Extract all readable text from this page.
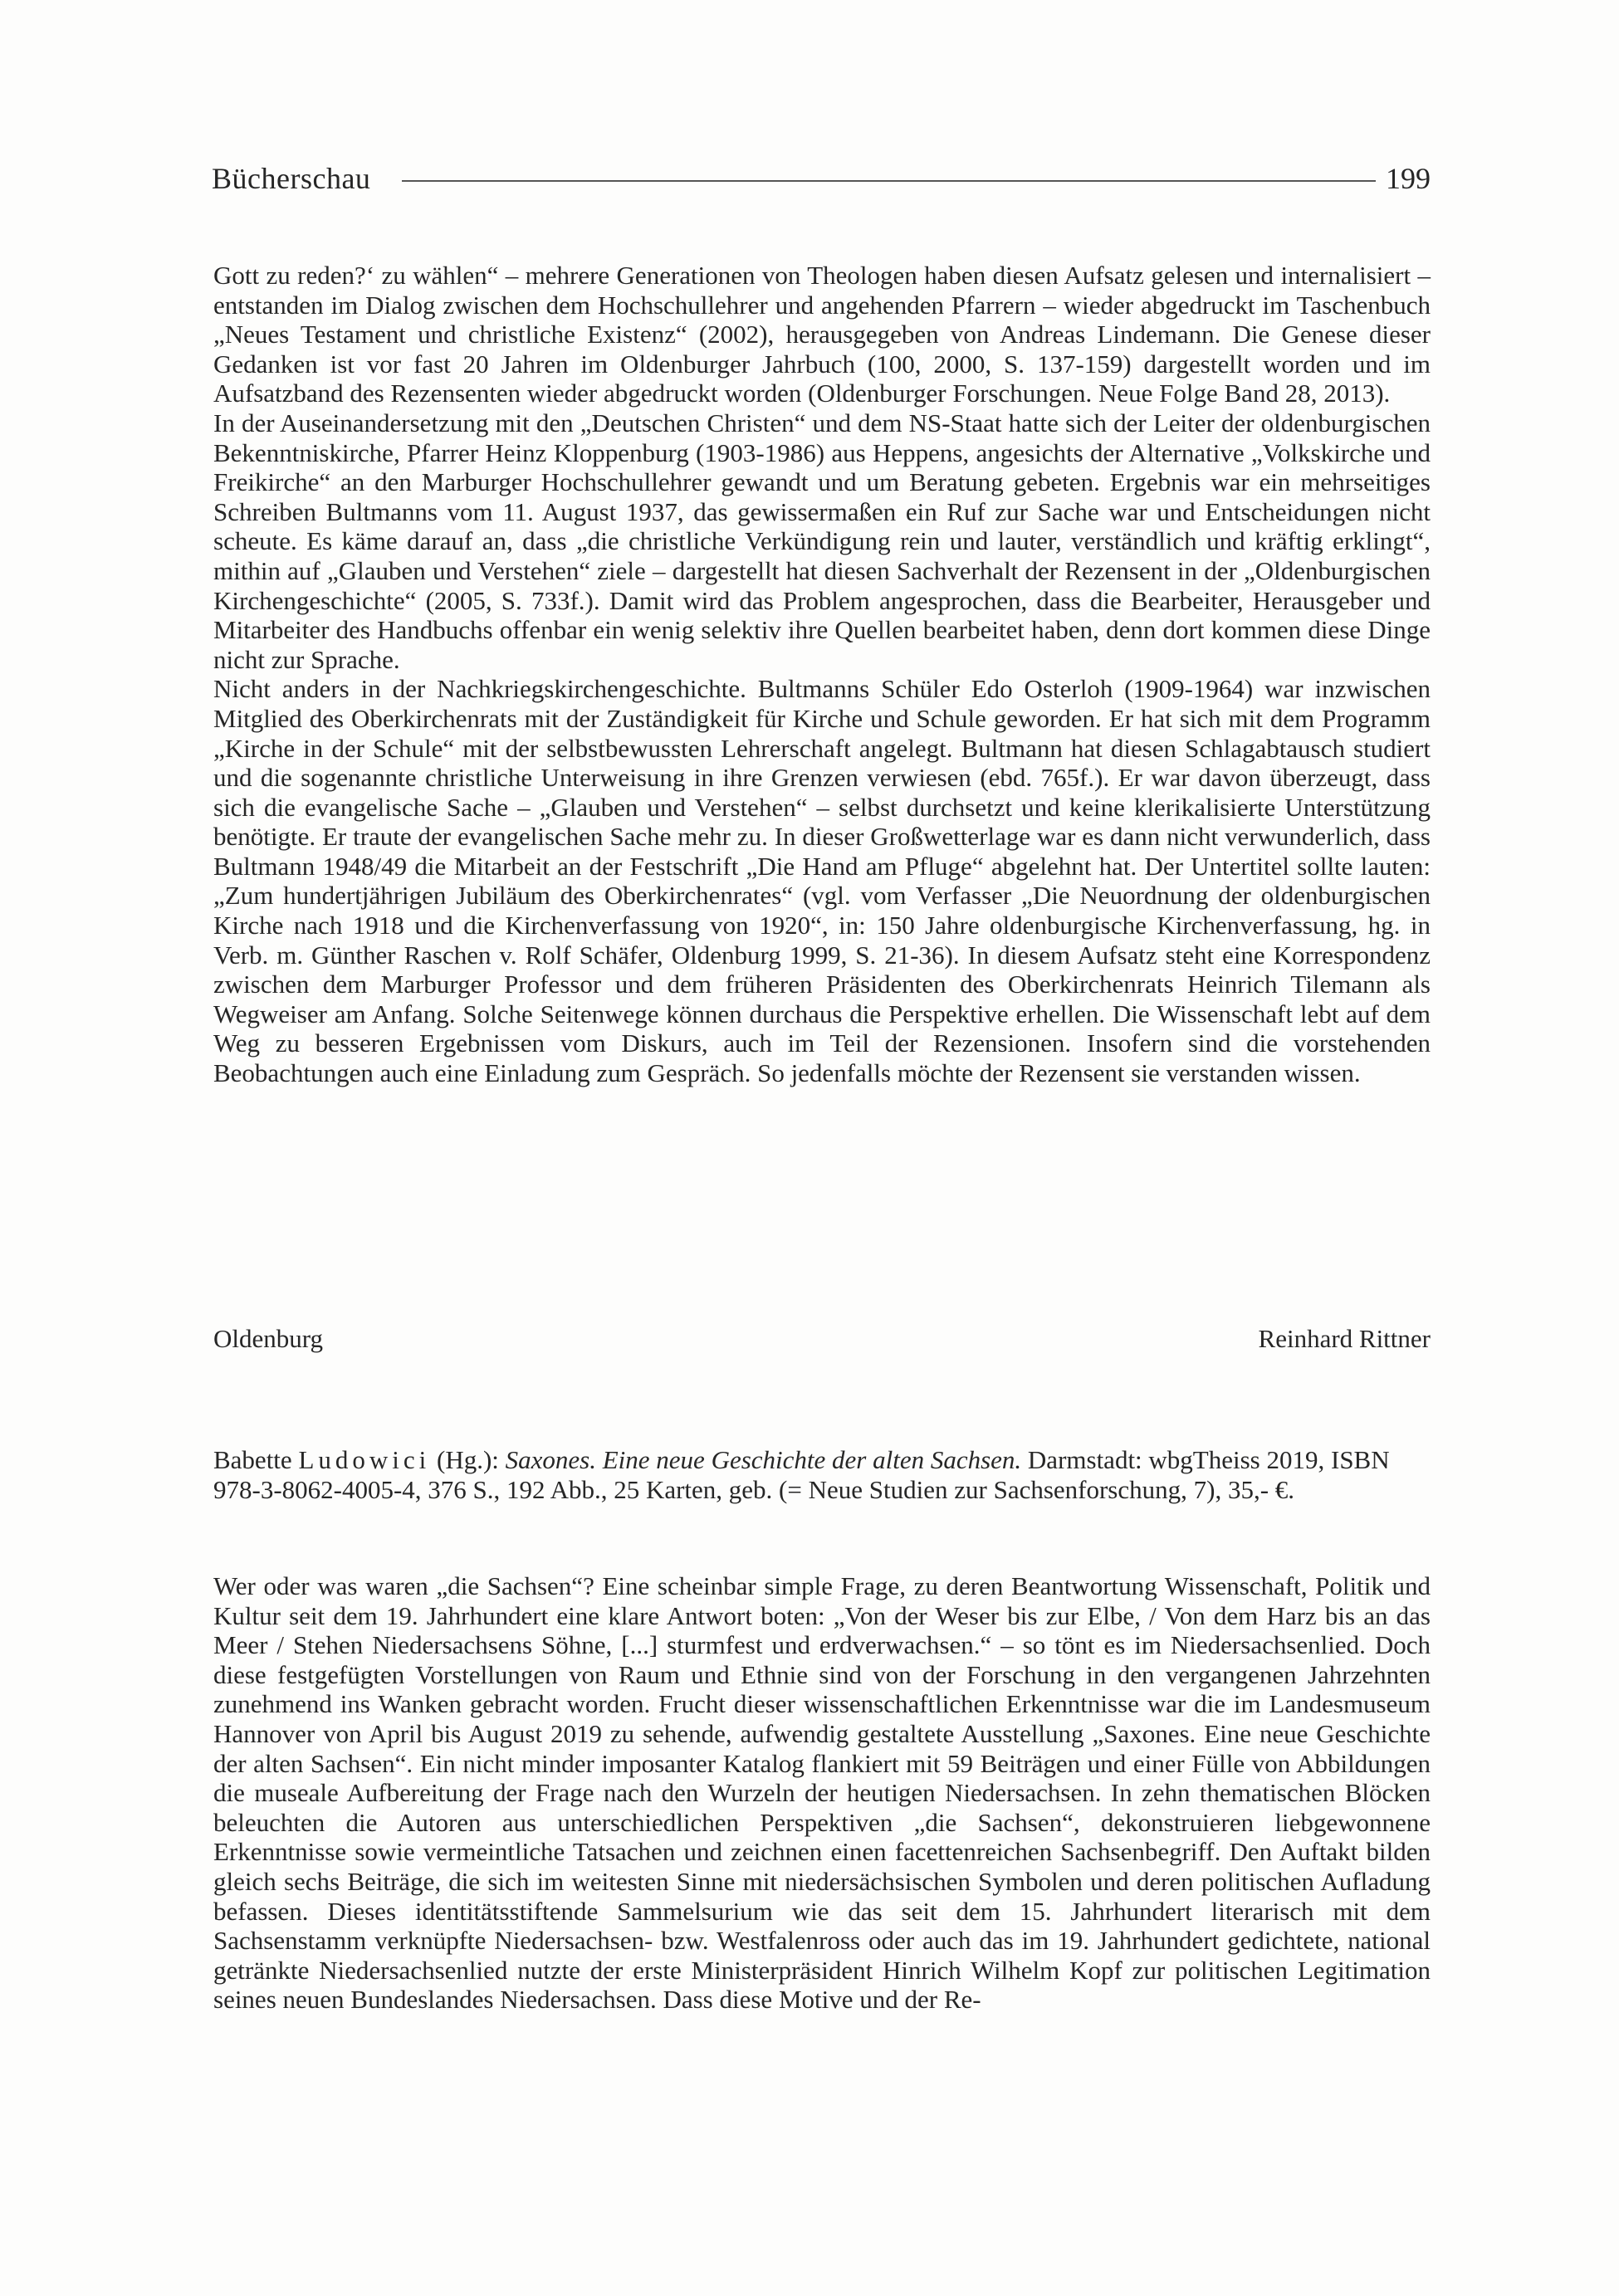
Bücherschau	199

Gott zu reden?‘ zu wählen“ – mehrere Generationen von Theologen haben diesen Aufsatz gelesen und internalisiert – entstanden im Dialog zwischen dem Hochschullehrer und angehenden Pfarrern – wieder abgedruckt im Taschenbuch „Neues Testament und christliche Existenz“ (2002), herausgegeben von Andreas Lindemann. Die Genese dieser Gedanken ist vor fast 20 Jahren im Oldenburger Jahrbuch (100, 2000, S. 137-159) dargestellt worden und im Aufsatzband des Rezensenten wieder abgedruckt worden (Oldenburger Forschungen. Neue Folge Band 28, 2013).

In der Auseinandersetzung mit den „Deutschen Christen“ und dem NS-Staat hatte sich der Leiter der oldenburgischen Bekenntniskirche, Pfarrer Heinz Kloppenburg (1903-1986) aus Heppens, angesichts der Alternative „Volkskirche und Freikirche“ an den Marburger Hochschullehrer gewandt und um Beratung gebeten. Ergebnis war ein mehrseitiges Schreiben Bultmanns vom 11. August 1937, das gewissermaßen ein Ruf zur Sache war und Entscheidungen nicht scheute. Es käme darauf an, dass „die christliche Verkündigung rein und lauter, verständlich und kräftig erklingt“, mithin auf „Glauben und Verstehen“ ziele – dargestellt hat diesen Sachverhalt der Rezensent in der „Oldenburgischen Kirchengeschichte“ (2005, S. 733f.). Damit wird das Problem angesprochen, dass die Bearbeiter, Herausgeber und Mitarbeiter des Handbuchs offenbar ein wenig selektiv ihre Quellen bearbeitet haben, denn dort kommen diese Dinge nicht zur Sprache.

Nicht anders in der Nachkriegskirchengeschichte. Bultmanns Schüler Edo Osterloh (1909-1964) war inzwischen Mitglied des Oberkirchenrats mit der Zuständigkeit für Kirche und Schule geworden. Er hat sich mit dem Programm „Kirche in der Schule“ mit der selbstbewussten Lehrerschaft angelegt. Bultmann hat diesen Schlagabtausch studiert und die sogenannte christliche Unterweisung in ihre Grenzen verwiesen (ebd. 765f.). Er war davon überzeugt, dass sich die evangelische Sache – „Glauben und Verstehen“ – selbst durchsetzt und keine klerikalisierte Unterstützung benötigte. Er traute der evangelischen Sache mehr zu. In dieser Großwetterlage war es dann nicht verwunderlich, dass Bultmann 1948/49 die Mitarbeit an der Festschrift „Die Hand am Pfluge“ abgelehnt hat. Der Untertitel sollte lauten: „Zum hundertjährigen Jubiläum des Oberkirchenrates“ (vgl. vom Verfasser „Die Neuordnung der oldenburgischen Kirche nach 1918 und die Kirchenverfassung von 1920“, in: 150 Jahre oldenburgische Kirchenverfassung, hg. in Verb. m. Günther Raschen v. Rolf Schäfer, Oldenburg 1999, S. 21-36). In diesem Aufsatz steht eine Korrespondenz zwischen dem Marburger Professor und dem früheren Präsidenten des Oberkirchenrats Heinrich Tilemann als Wegweiser am Anfang. Solche Seitenwege können durchaus die Perspektive erhellen. Die Wissenschaft lebt auf dem Weg zu besseren Ergebnissen vom Diskurs, auch im Teil der Rezensionen. Insofern sind die vorstehenden Beobachtungen auch eine Einladung zum Gespräch. So jedenfalls möchte der Rezensent sie verstanden wissen.

Oldenburg	Reinhard Rittner
Babette Ludowici (Hg.): Saxones. Eine neue Geschichte der alten Sachsen. Darmstadt: wbgTheiss 2019, ISBN 978-3-8062-4005-4, 376 S., 192 Abb., 25 Karten, geb. (= Neue Studien zur Sachsenforschung, 7), 35,- €.

Wer oder was waren „die Sachsen“? Eine scheinbar simple Frage, zu deren Beantwortung Wissenschaft, Politik und Kultur seit dem 19. Jahrhundert eine klare Antwort boten: „Von der Weser bis zur Elbe, / Von dem Harz bis an das Meer / Stehen Niedersachsens Söhne, [...] sturmfest und erdverwachsen.“ – so tönt es im Niedersachsenlied. Doch diese festgefügten Vorstellungen von Raum und Ethnie sind von der Forschung in den vergangenen Jahrzehnten zunehmend ins Wanken gebracht worden. Frucht dieser wissenschaftlichen Erkenntnisse war die im Landesmuseum Hannover von April bis August 2019 zu sehende, aufwendig gestaltete Ausstellung „Saxones. Eine neue Geschichte der alten Sachsen“. Ein nicht minder imposanter Katalog flankiert mit 59 Beiträgen und einer Fülle von Abbildungen die museale Aufbereitung der Frage nach den Wurzeln der heutigen Niedersachsen. In zehn thematischen Blöcken beleuchten die Autoren aus unterschiedlichen Perspektiven „die Sachsen“, dekonstruieren liebgewonnene Erkenntnisse sowie vermeintliche Tatsachen und zeichnen einen facettenreichen Sachsenbegriff. Den Auftakt bilden gleich sechs Beiträge, die sich im weitesten Sinne mit niedersächsischen Symbolen und deren politischen Aufladung befassen. Dieses identitätsstiftende Sammelsurium wie das seit dem 15. Jahrhundert literarisch mit dem Sachsenstamm verknüpfte Niedersachsen- bzw. Westfalenross oder auch das im 19. Jahrhundert gedichtete, national getränkte Niedersachsenlied nutzte der erste Ministerpräsident Hinrich Wilhelm Kopf zur politischen Legitimation seines neuen Bundeslandes Niedersachsen. Dass diese Motive und der Re-
